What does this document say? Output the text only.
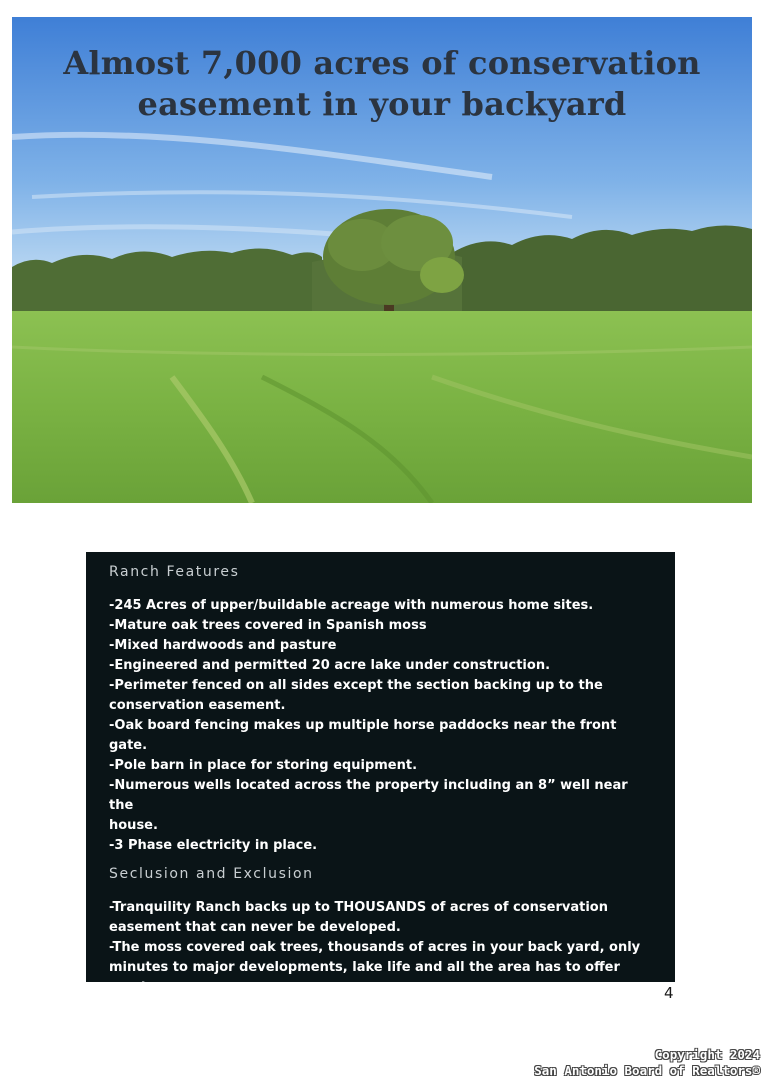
Almost 7,000 acres of conservation
easement in your backyard
Ranch Features
-245 Acres of upper/buildable acreage with numerous home sites.
-Mature oak trees covered in Spanish moss
-Mixed hardwoods and pasture
-Engineered and permitted 20 acre lake under construction.
-Perimeter fenced on all sides except the section backing up to the
conservation easement.
-Oak board fencing makes up multiple horse paddocks near the front gate.
-Pole barn in place for storing equipment.
-Numerous wells located across the property including an 8” well near the
house.
-3 Phase electricity in place.
Seclusion and Exclusion
-Tranquility Ranch backs up to THOUSANDS of acres of conservation
easement that can never be developed.
-The moss covered oak trees, thousands of acres in your back yard, only
minutes to major developments, lake life and all the area has to offer create
a setting that does not exist ANYWHERE else in the Houston area.
4
Copyright 2024
San Antonio Board of Realtors®
